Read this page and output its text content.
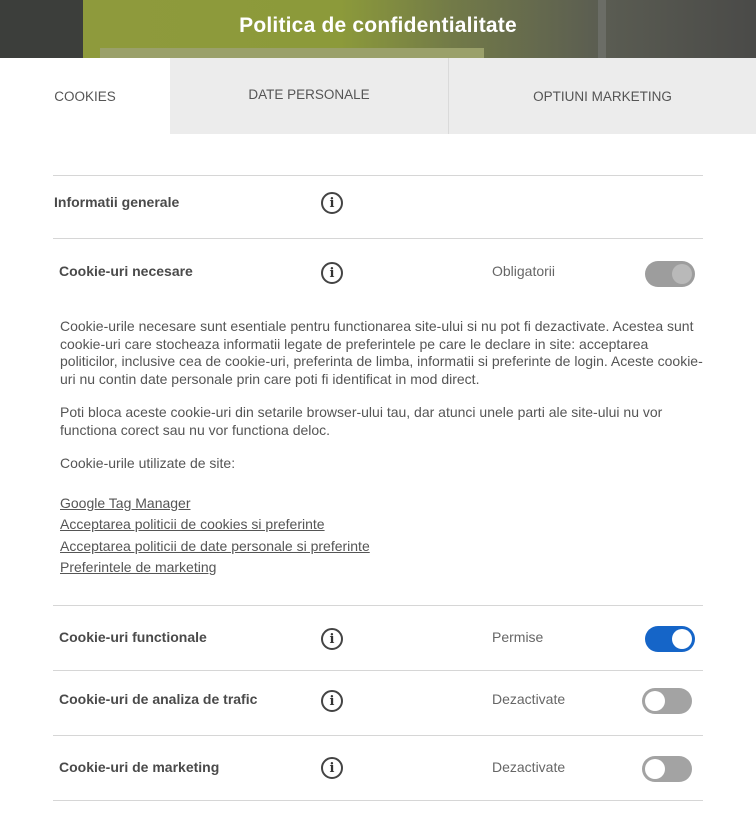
Politica de confidentialitate
COOKIES	DATE PERSONALE	OPTIUNI MARKETING
Informatii generale	i
Cookie-uri necesare	i	Obligatorii

Cookie-urile necesare sunt esentiale pentru functionarea site-ului si nu pot fi dezactivate. Acestea sunt cookie-uri care stocheaza informatii legate de preferintele pe care le declare in site: acceptarea politicilor, inclusive cea de cookie-uri, preferinta de limba, informatii si preferinte de login. Aceste cookie-uri nu contin date personale prin care poti fi identificat in mod direct.

Poti bloca aceste cookie-uri din setarile browser-ului tau, dar atunci unele parti ale site-ului nu vor functiona corect sau nu vor functiona deloc.

Cookie-urile utilizate de site:

Google Tag Manager
Acceptarea politicii de cookies si preferinte
Acceptarea politicii de date personale si preferinte
Preferintele de marketing
Cookie-uri functionale	i	Permise
Cookie-uri de analiza de trafic	i	Dezactivate
Cookie-uri de marketing	i	Dezactivate
